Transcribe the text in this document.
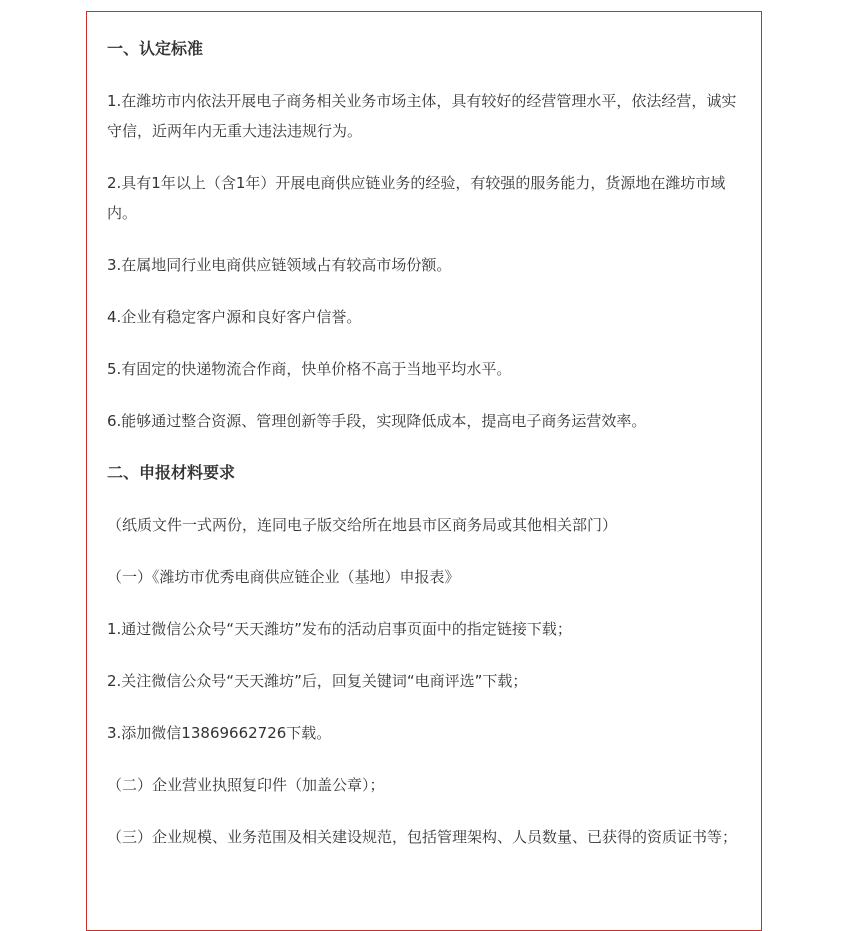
一、认定标准

1.在潍坊市内依法开展电子商务相关业务市场主体，具有较好的经营管理水平，依法经营，诚实守信，近两年内无重大违法违规行为。

2.具有1年以上（含1年）开展电商供应链业务的经验，有较强的服务能力，货源地在潍坊市域内。

3.在属地同行业电商供应链领域占有较高市场份额。

4.企业有稳定客户源和良好客户信誉。

5.有固定的快递物流合作商，快单价格不高于当地平均水平。

6.能够通过整合资源、管理创新等手段，实现降低成本，提高电子商务运营效率。

二、申报材料要求

（纸质文件一式两份，连同电子版交给所在地县市区商务局或其他相关部门）

（一）《潍坊市优秀电商供应链企业（基地）申报表》

1.通过微信公众号“天天潍坊”发布的活动启事页面中的指定链接下载；

2.关注微信公众号“天天潍坊”后，回复关键词“电商评选”下载；

3.添加微信13869662726下载。

（二）企业营业执照复印件（加盖公章）；

（三）企业规模、业务范围及相关建设规范，包括管理架构、人员数量、已获得的资质证书等；
